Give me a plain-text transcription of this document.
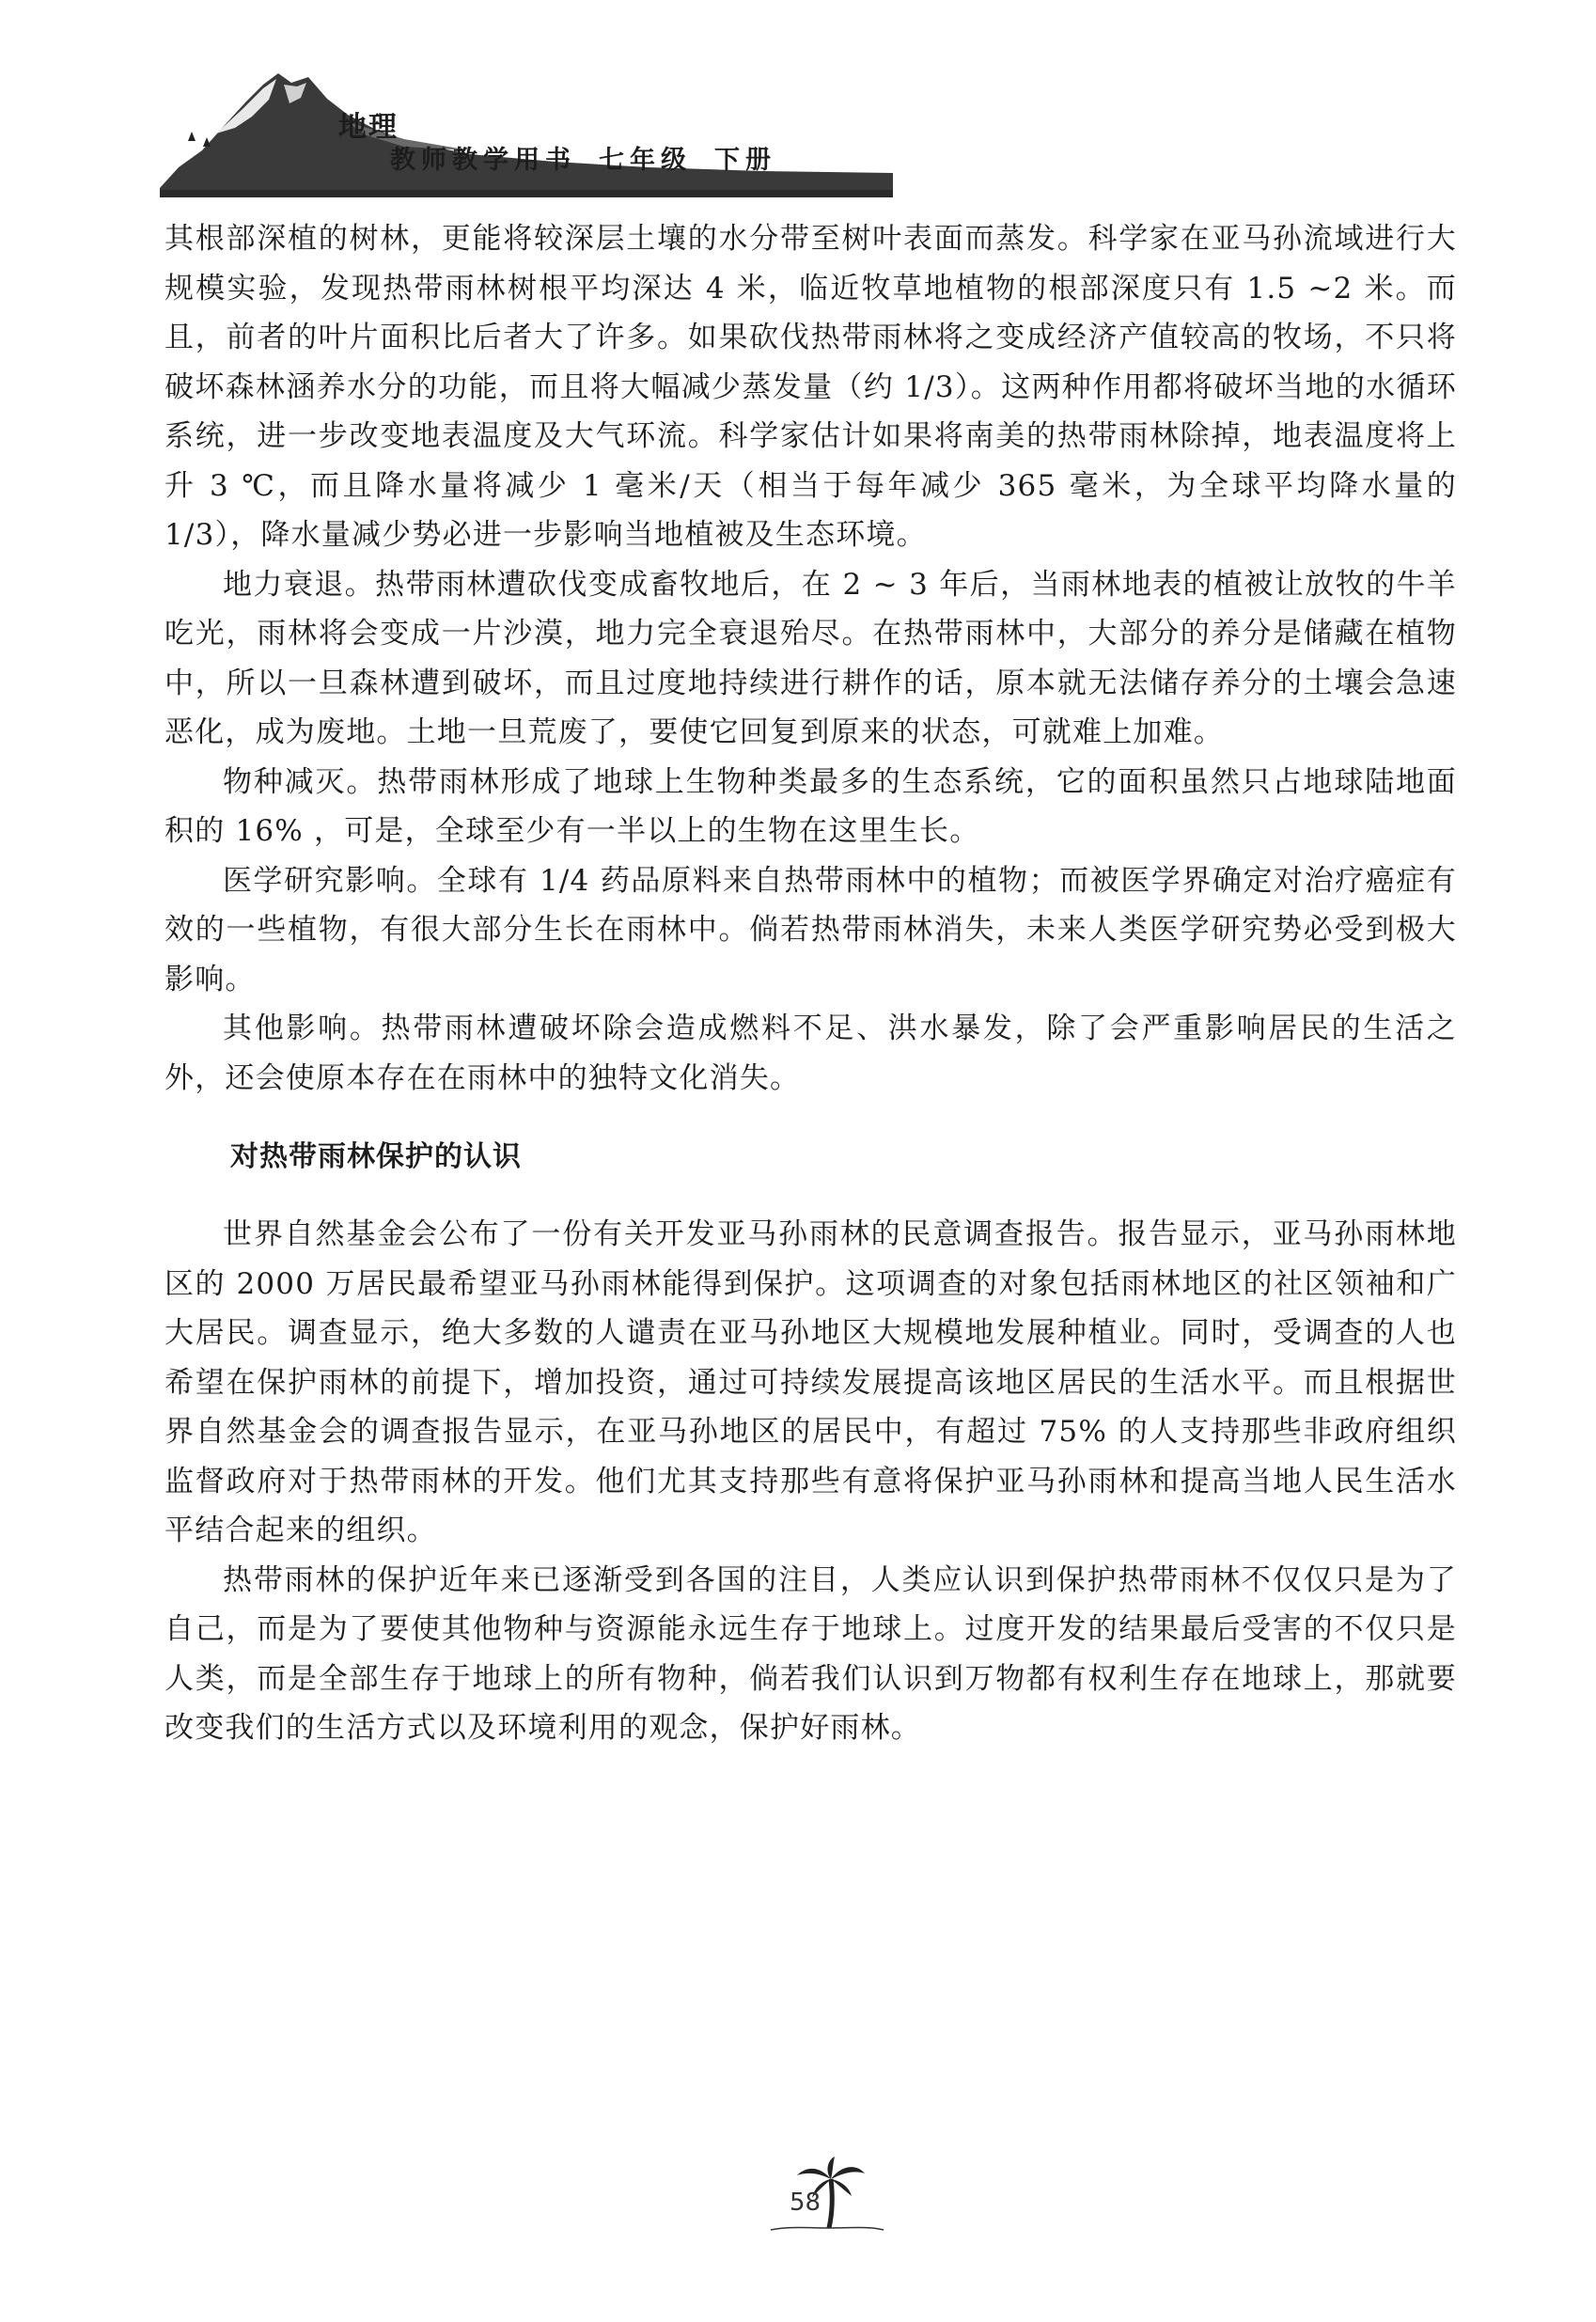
地理
教师教学用书 七年级 下册

其根部深植的树林，更能将较深层土壤的水分带至树叶表面而蒸发。科学家在亚马孙流域进行大规模实验，发现热带雨林树根平均深达 4 米，临近牧草地植物的根部深度只有 1.5 ~2 米。而且，前者的叶片面积比后者大了许多。如果砍伐热带雨林将之变成经济产值较高的牧场，不只将破坏森林涵养水分的功能，而且将大幅减少蒸发量（约 1/3）。这两种作用都将破坏当地的水循环系统，进一步改变地表温度及大气环流。科学家估计如果将南美的热带雨林除掉，地表温度将上升 3 ℃，而且降水量将减少 1 毫米/天（相当于每年减少 365 毫米，为全球平均降水量的 1/3），降水量减少势必进一步影响当地植被及生态环境。

地力衰退。热带雨林遭砍伐变成畜牧地后，在 2 ~ 3 年后，当雨林地表的植被让放牧的牛羊吃光，雨林将会变成一片沙漠，地力完全衰退殆尽。在热带雨林中，大部分的养分是储藏在植物中，所以一旦森林遭到破坏，而且过度地持续进行耕作的话，原本就无法储存养分的土壤会急速恶化，成为废地。土地一旦荒废了，要使它回复到原来的状态，可就难上加难。

物种减灭。热带雨林形成了地球上生物种类最多的生态系统，它的面积虽然只占地球陆地面积的 16% ，可是，全球至少有一半以上的生物在这里生长。

医学研究影响。全球有 1/4 药品原料来自热带雨林中的植物；而被医学界确定对治疗癌症有效的一些植物，有很大部分生长在雨林中。倘若热带雨林消失，未来人类医学研究势必受到极大影响。

其他影响。热带雨林遭破坏除会造成燃料不足、洪水暴发，除了会严重影响居民的生活之外，还会使原本存在在雨林中的独特文化消失。

对热带雨林保护的认识

世界自然基金会公布了一份有关开发亚马孙雨林的民意调查报告。报告显示，亚马孙雨林地区的 2000 万居民最希望亚马孙雨林能得到保护。这项调查的对象包括雨林地区的社区领袖和广大居民。调查显示，绝大多数的人谴责在亚马孙地区大规模地发展种植业。同时，受调查的人也希望在保护雨林的前提下，增加投资，通过可持续发展提高该地区居民的生活水平。而且根据世界自然基金会的调查报告显示，在亚马孙地区的居民中，有超过 75% 的人支持那些非政府组织监督政府对于热带雨林的开发。他们尤其支持那些有意将保护亚马孙雨林和提高当地人民生活水平结合起来的组织。

热带雨林的保护近年来已逐渐受到各国的注目，人类应认识到保护热带雨林不仅仅只是为了自己，而是为了要使其他物种与资源能永远生存于地球上。过度开发的结果最后受害的不仅只是人类，而是全部生存于地球上的所有物种，倘若我们认识到万物都有权利生存在地球上，那就要改变我们的生活方式以及环境利用的观念，保护好雨林。

58
